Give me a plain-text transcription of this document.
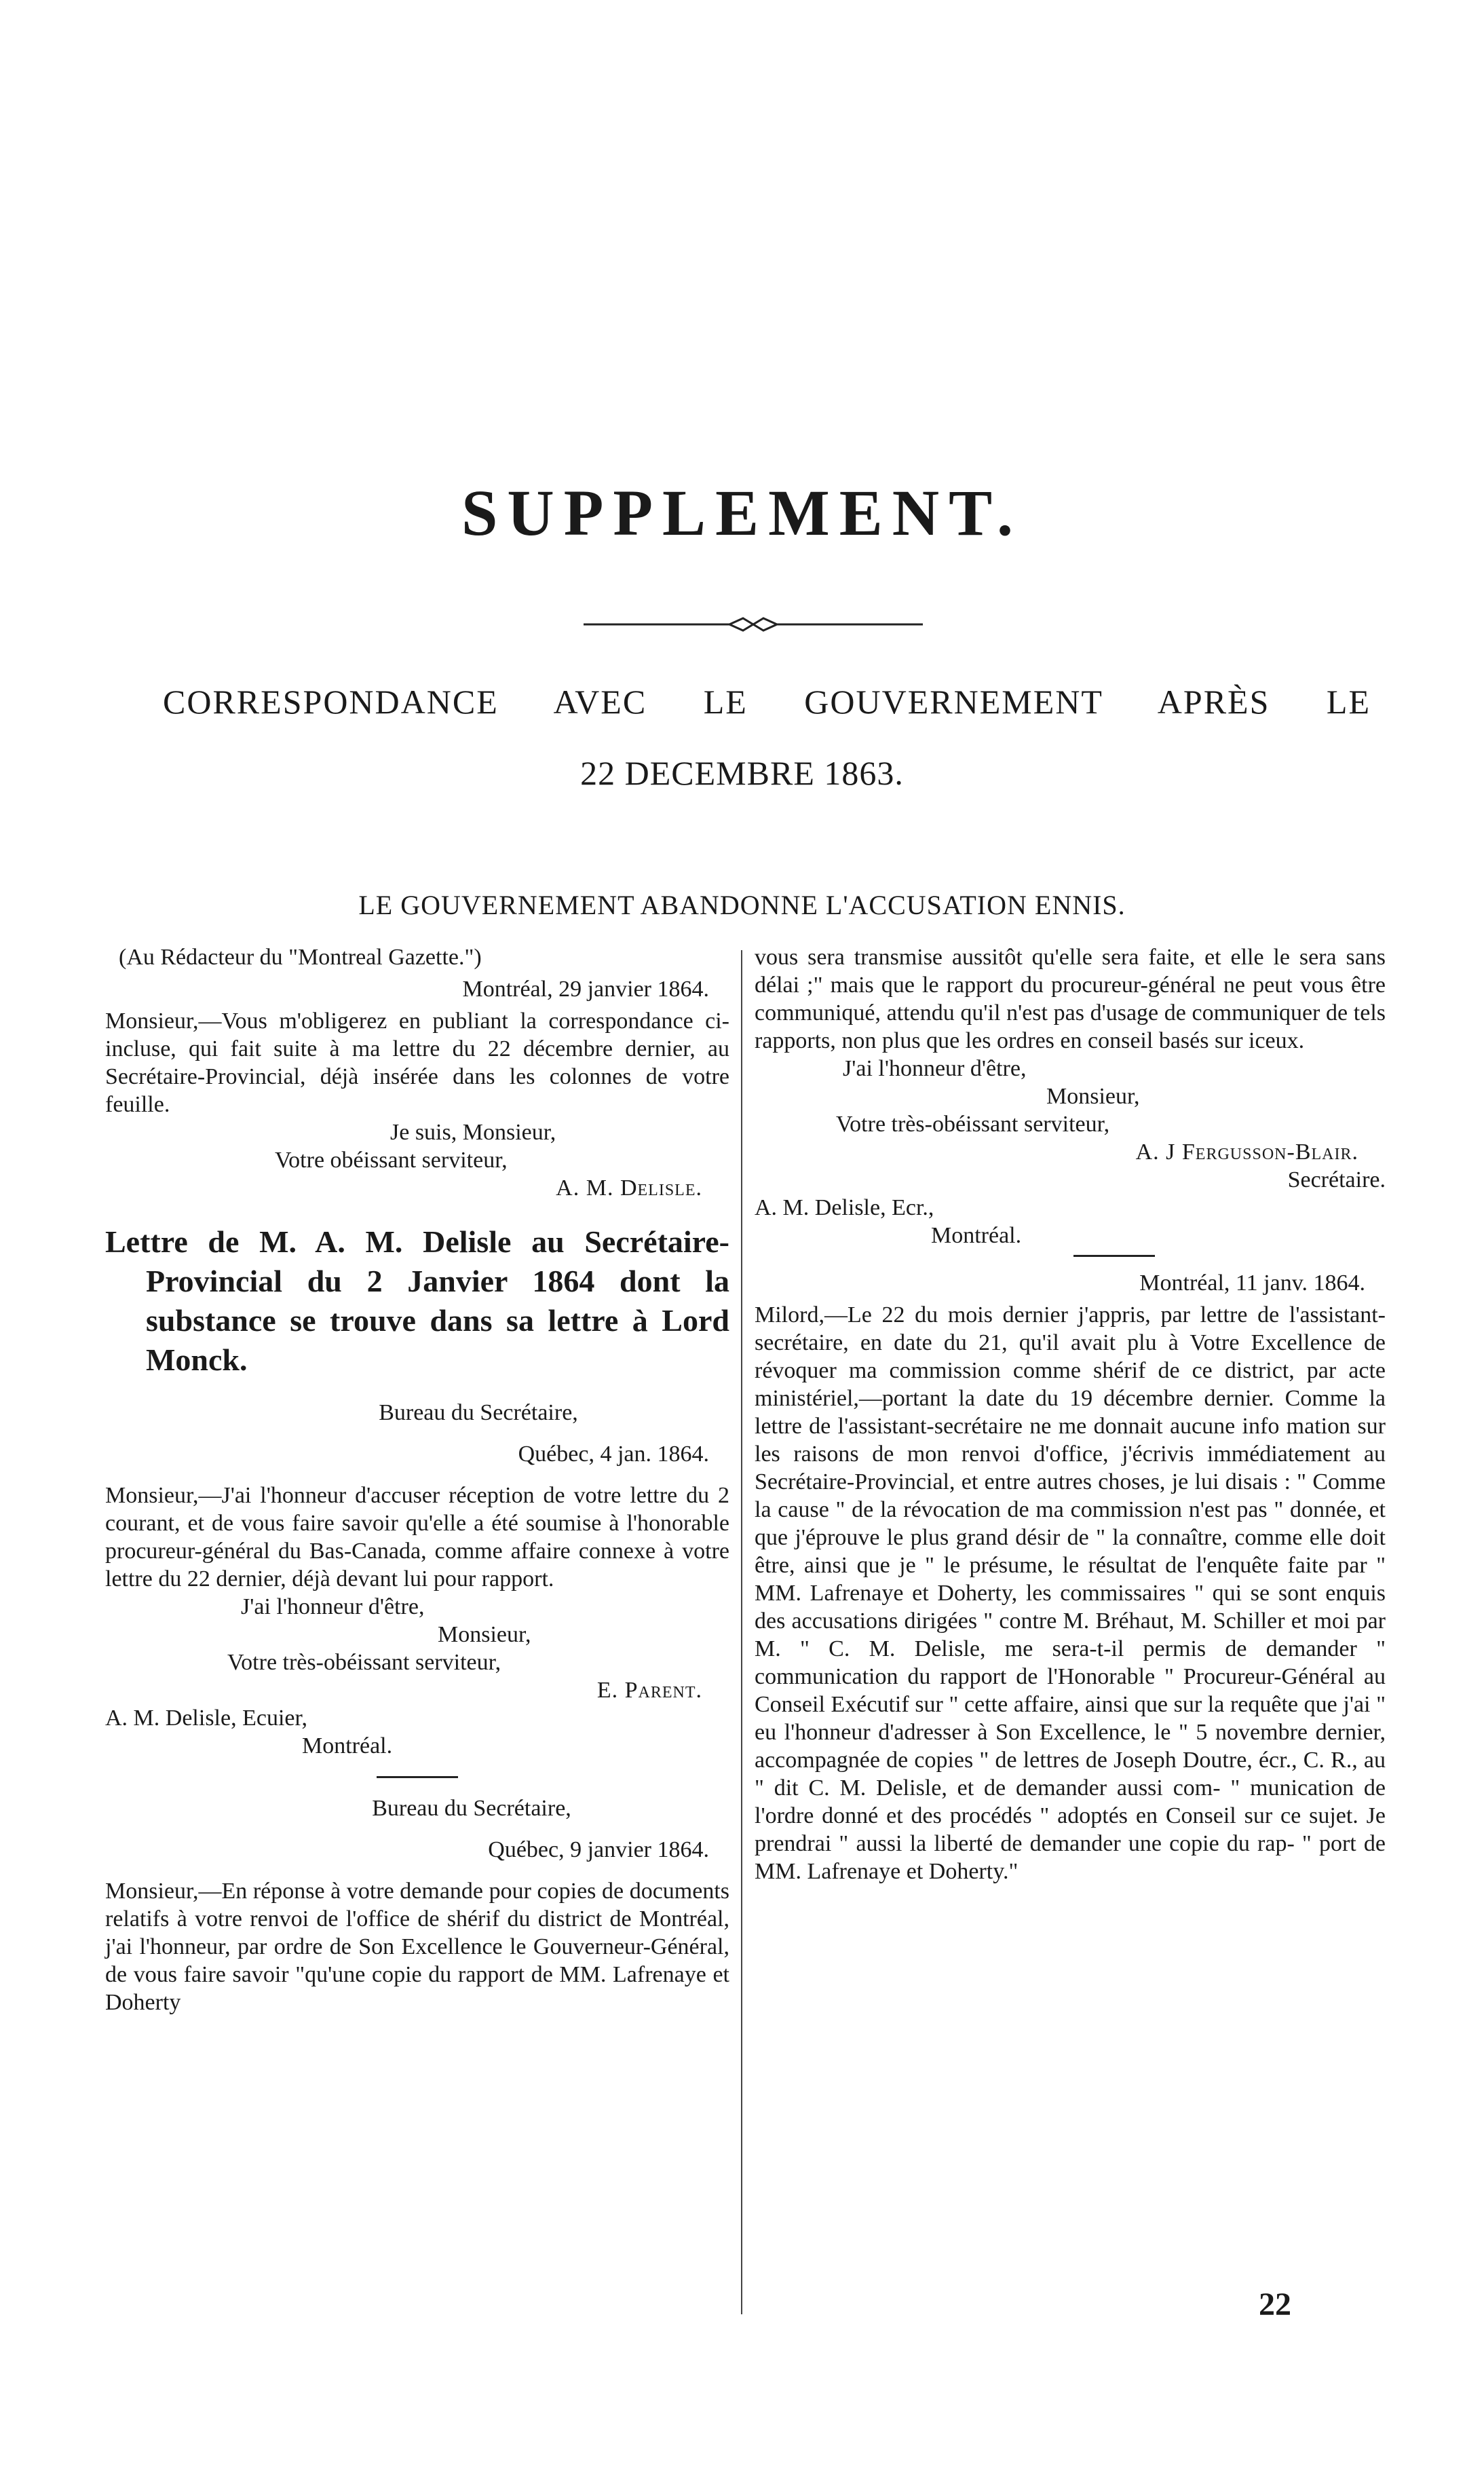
SUPPLEMENT.
CORRESPONDANCE AVEC LE GOUVERNEMENT APRÈS LE
22 DECEMBRE 1863.
LE GOUVERNEMENT ABANDONNE L'ACCUSATION ENNIS.

(Au Rédacteur du "Montreal Gazette.")

Montréal, 29 janvier 1864.

Monsieur,—Vous m'obligerez en publiant la correspondance ci-incluse, qui fait suite à ma lettre du 22 décembre dernier, au Secrétaire-Provincial, déjà insérée dans les colonnes de votre feuille.

Je suis, Monsieur,

Votre obéissant serviteur,

A. M. Delisle.

Lettre de M. A. M. Delisle au Secrétaire-Provincial du 2 Janvier 1864 dont la substance se trouve dans sa lettre à Lord Monck.

Bureau du Secrétaire,

Québec, 4 jan. 1864.

Monsieur,—J'ai l'honneur d'accuser réception de votre lettre du 2 courant, et de vous faire savoir qu'elle a été soumise à l'honorable procureur-général du Bas-Canada, comme affaire connexe à votre lettre du 22 dernier, déjà devant lui pour rapport.

J'ai l'honneur d'être,

Monsieur,

Votre très-obéissant serviteur,

E. Parent.

A. M. Delisle, Ecuier,

Montréal.

Bureau du Secrétaire,

Québec, 9 janvier 1864.

Monsieur,—En réponse à votre demande pour copies de documents relatifs à votre renvoi de l'office de shérif du district de Montréal, j'ai l'honneur, par ordre de Son Excellence le Gouverneur-Général, de vous faire savoir "qu'une copie du rapport de MM. Lafrenaye et Doherty

vous sera transmise aussitôt qu'elle sera faite, et elle le sera sans délai ;" mais que le rapport du procureur-général ne peut vous être communiqué, attendu qu'il n'est pas d'usage de communiquer de tels rapports, non plus que les ordres en conseil basés sur iceux.

J'ai l'honneur d'être,

Monsieur,

Votre très-obéissant serviteur,

A. J Fergusson-Blair.

Secrétaire.

A. M. Delisle, Ecr.,

Montréal.

Montréal, 11 janv. 1864.

Milord,—Le 22 du mois dernier j'appris, par lettre de l'assistant-secrétaire, en date du 21, qu'il avait plu à Votre Excellence de révoquer ma commission comme shérif de ce district, par acte ministériel,—portant la date du 19 décembre dernier. Comme la lettre de l'assistant-secrétaire ne me donnait aucune info mation sur les raisons de mon renvoi d'office, j'écrivis immédiatement au Secrétaire-Provincial, et entre autres choses, je lui disais : " Comme la cause " de la révocation de ma commission n'est pas " donnée, et que j'éprouve le plus grand désir de " la connaître, comme elle doit être, ainsi que je " le présume, le résultat de l'enquête faite par " MM. Lafrenaye et Doherty, les commissaires " qui se sont enquis des accusations dirigées " contre M. Bréhaut, M. Schiller et moi par M. " C. M. Delisle, me sera-t-il permis de demander " communication du rapport de l'Honorable " Procureur-Général au Conseil Exécutif sur " cette affaire, ainsi que sur la requête que j'ai " eu l'honneur d'adresser à Son Excellence, le " 5 novembre dernier, accompagnée de copies " de lettres de Joseph Doutre, écr., C. R., au " dit C. M. Delisle, et de demander aussi com- " munication de l'ordre donné et des procédés " adoptés en Conseil sur ce sujet. Je prendrai " aussi la liberté de demander une copie du rap- " port de MM. Lafrenaye et Doherty."

22
